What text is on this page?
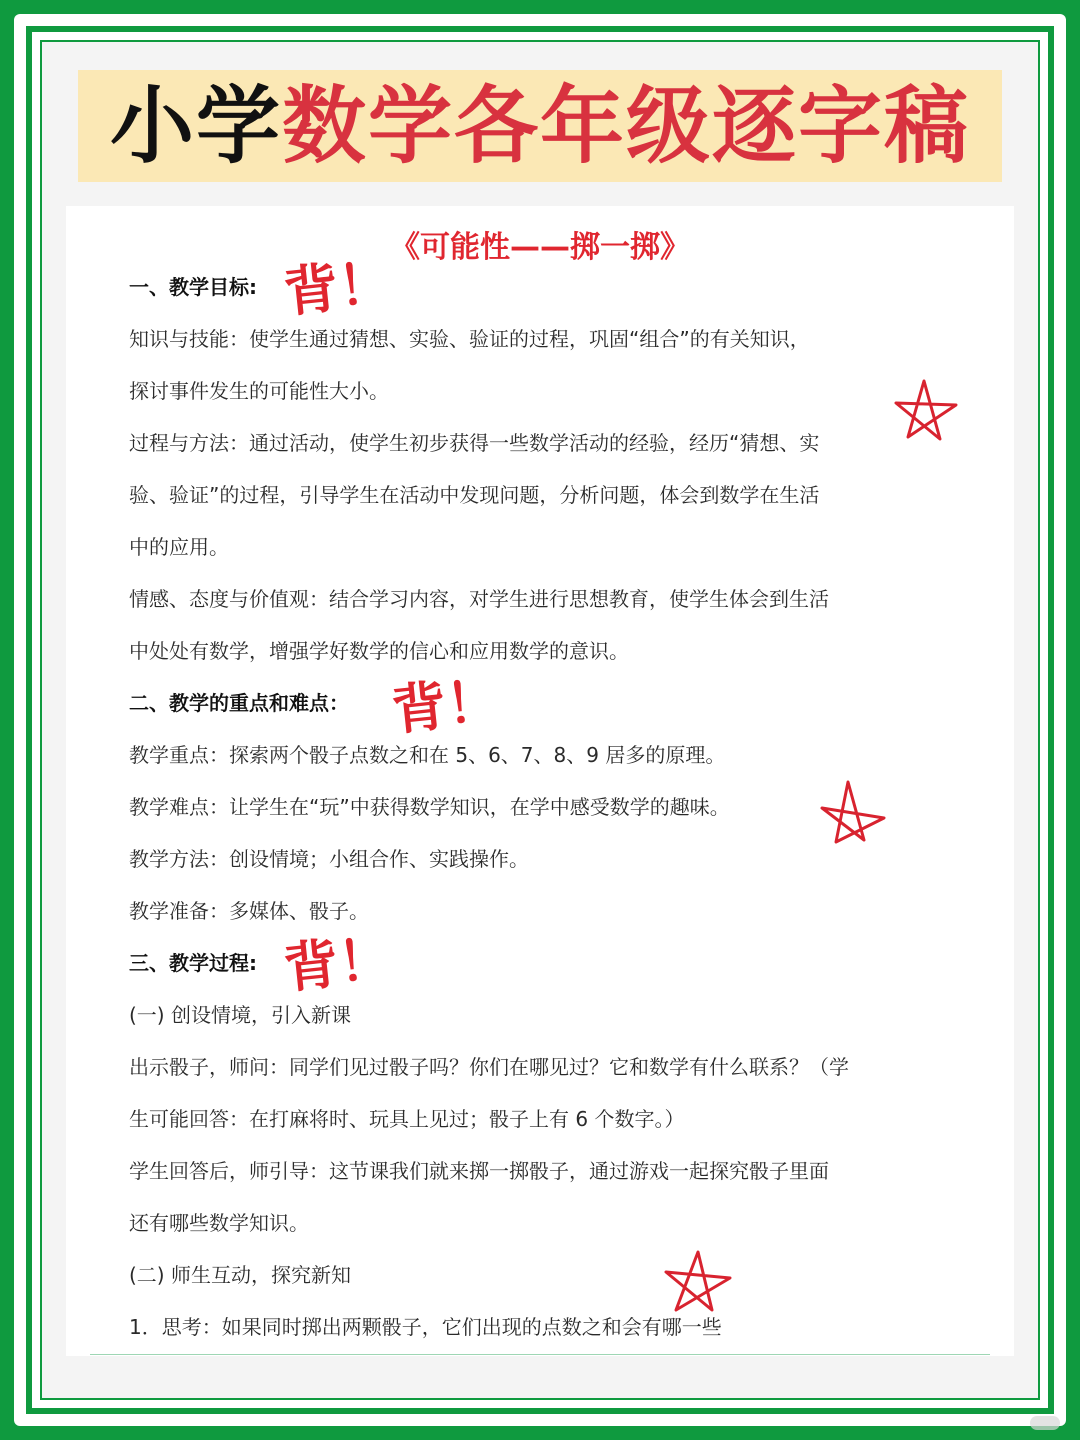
小学 数学各年级逐字稿
《可能性——掷一掷》
一、教学目标:
知识与技能：使学生通过猜想、实验、验证的过程，巩固“组合”的有关知识，
探讨事件发生的可能性大小。
过程与方法：通过活动，使学生初步获得一些数学活动的经验，经历“猜想、实
验、验证”的过程，引导学生在活动中发现问题，分析问题，体会到数学在生活
中的应用。
情感、态度与价值观：结合学习内容，对学生进行思想教育，使学生体会到生活
中处处有数学，增强学好数学的信心和应用数学的意识。
二、教学的重点和难点：
教学重点：探索两个骰子点数之和在 5、6、7、8、9 居多的原理。
教学难点：让学生在“玩”中获得数学知识，在学中感受数学的趣味。
教学方法：创设情境；小组合作、实践操作。
教学准备：多媒体、骰子。
三、教学过程:
(一) 创设情境，引入新课
出示骰子，师问：同学们见过骰子吗？你们在哪见过？它和数学有什么联系？（学
生可能回答：在打麻将时、玩具上见过；骰子上有 6 个数字。）
学生回答后，师引导：这节课我们就来掷一掷骰子，通过游戏一起探究骰子里面
还有哪些数学知识。
(二) 师生互动，探究新知
1．思考：如果同时掷出两颗骰子，它们出现的点数之和会有哪一些
背！
背！
背！
